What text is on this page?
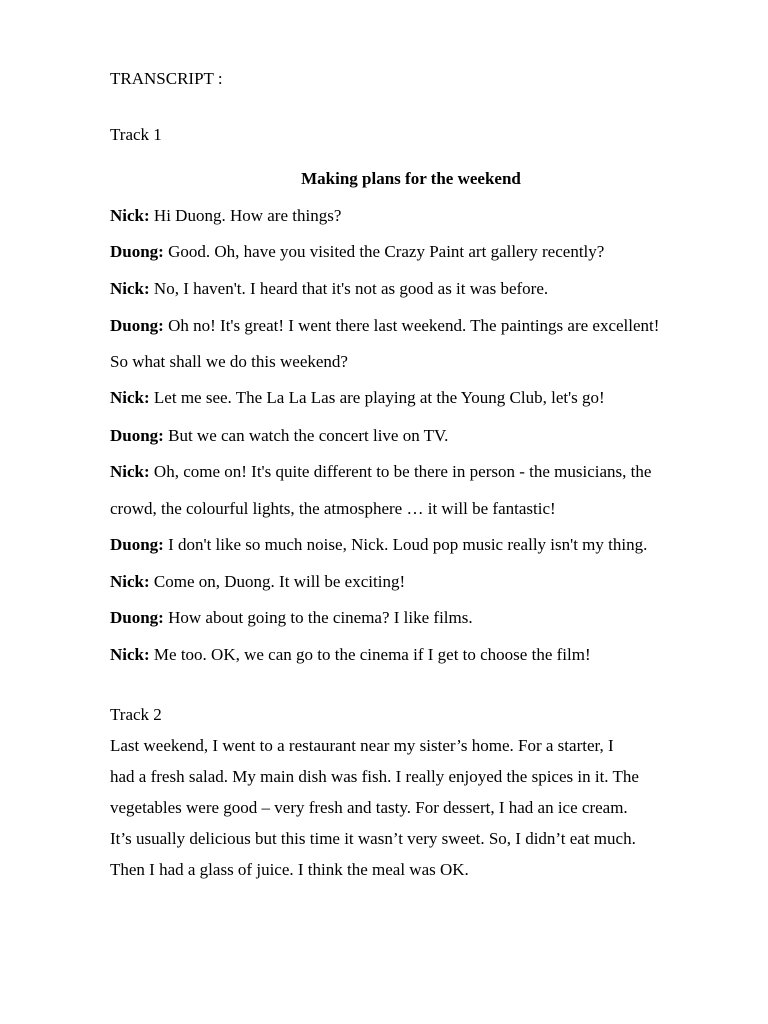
TRANSCRIPT :
Track 1
Making plans for the weekend
Nick: Hi Duong. How are things?
Duong: Good. Oh, have you visited the Crazy Paint art gallery recently?
Nick: No, I haven't. I heard that it's not as good as it was before.
Duong: Oh no! It's great! I went there last weekend. The paintings are excellent!
So what shall we do this weekend?
Nick: Let me see. The La La Las are playing at the Young Club, let's go!
Duong: But we can watch the concert live on TV.
Nick: Oh, come on! It's quite different to be there in person - the musicians, the
crowd, the colourful lights, the atmosphere … it will be fantastic!
Duong: I don't like so much noise, Nick. Loud pop music really isn't my thing.
Nick: Come on, Duong. It will be exciting!
Duong: How about going to the cinema? I like films.
Nick: Me too. OK, we can go to the cinema if I get to choose the film!
Track 2
Last weekend, I went to a restaurant near my sister’s home. For a starter, I
had a fresh salad. My main dish was fish. I really enjoyed the spices in it. The
vegetables were good – very fresh and tasty. For dessert, I had an ice cream.
It’s usually delicious but this time it wasn’t very sweet. So, I didn’t eat much.
Then I had a glass of juice. I think the meal was OK.
